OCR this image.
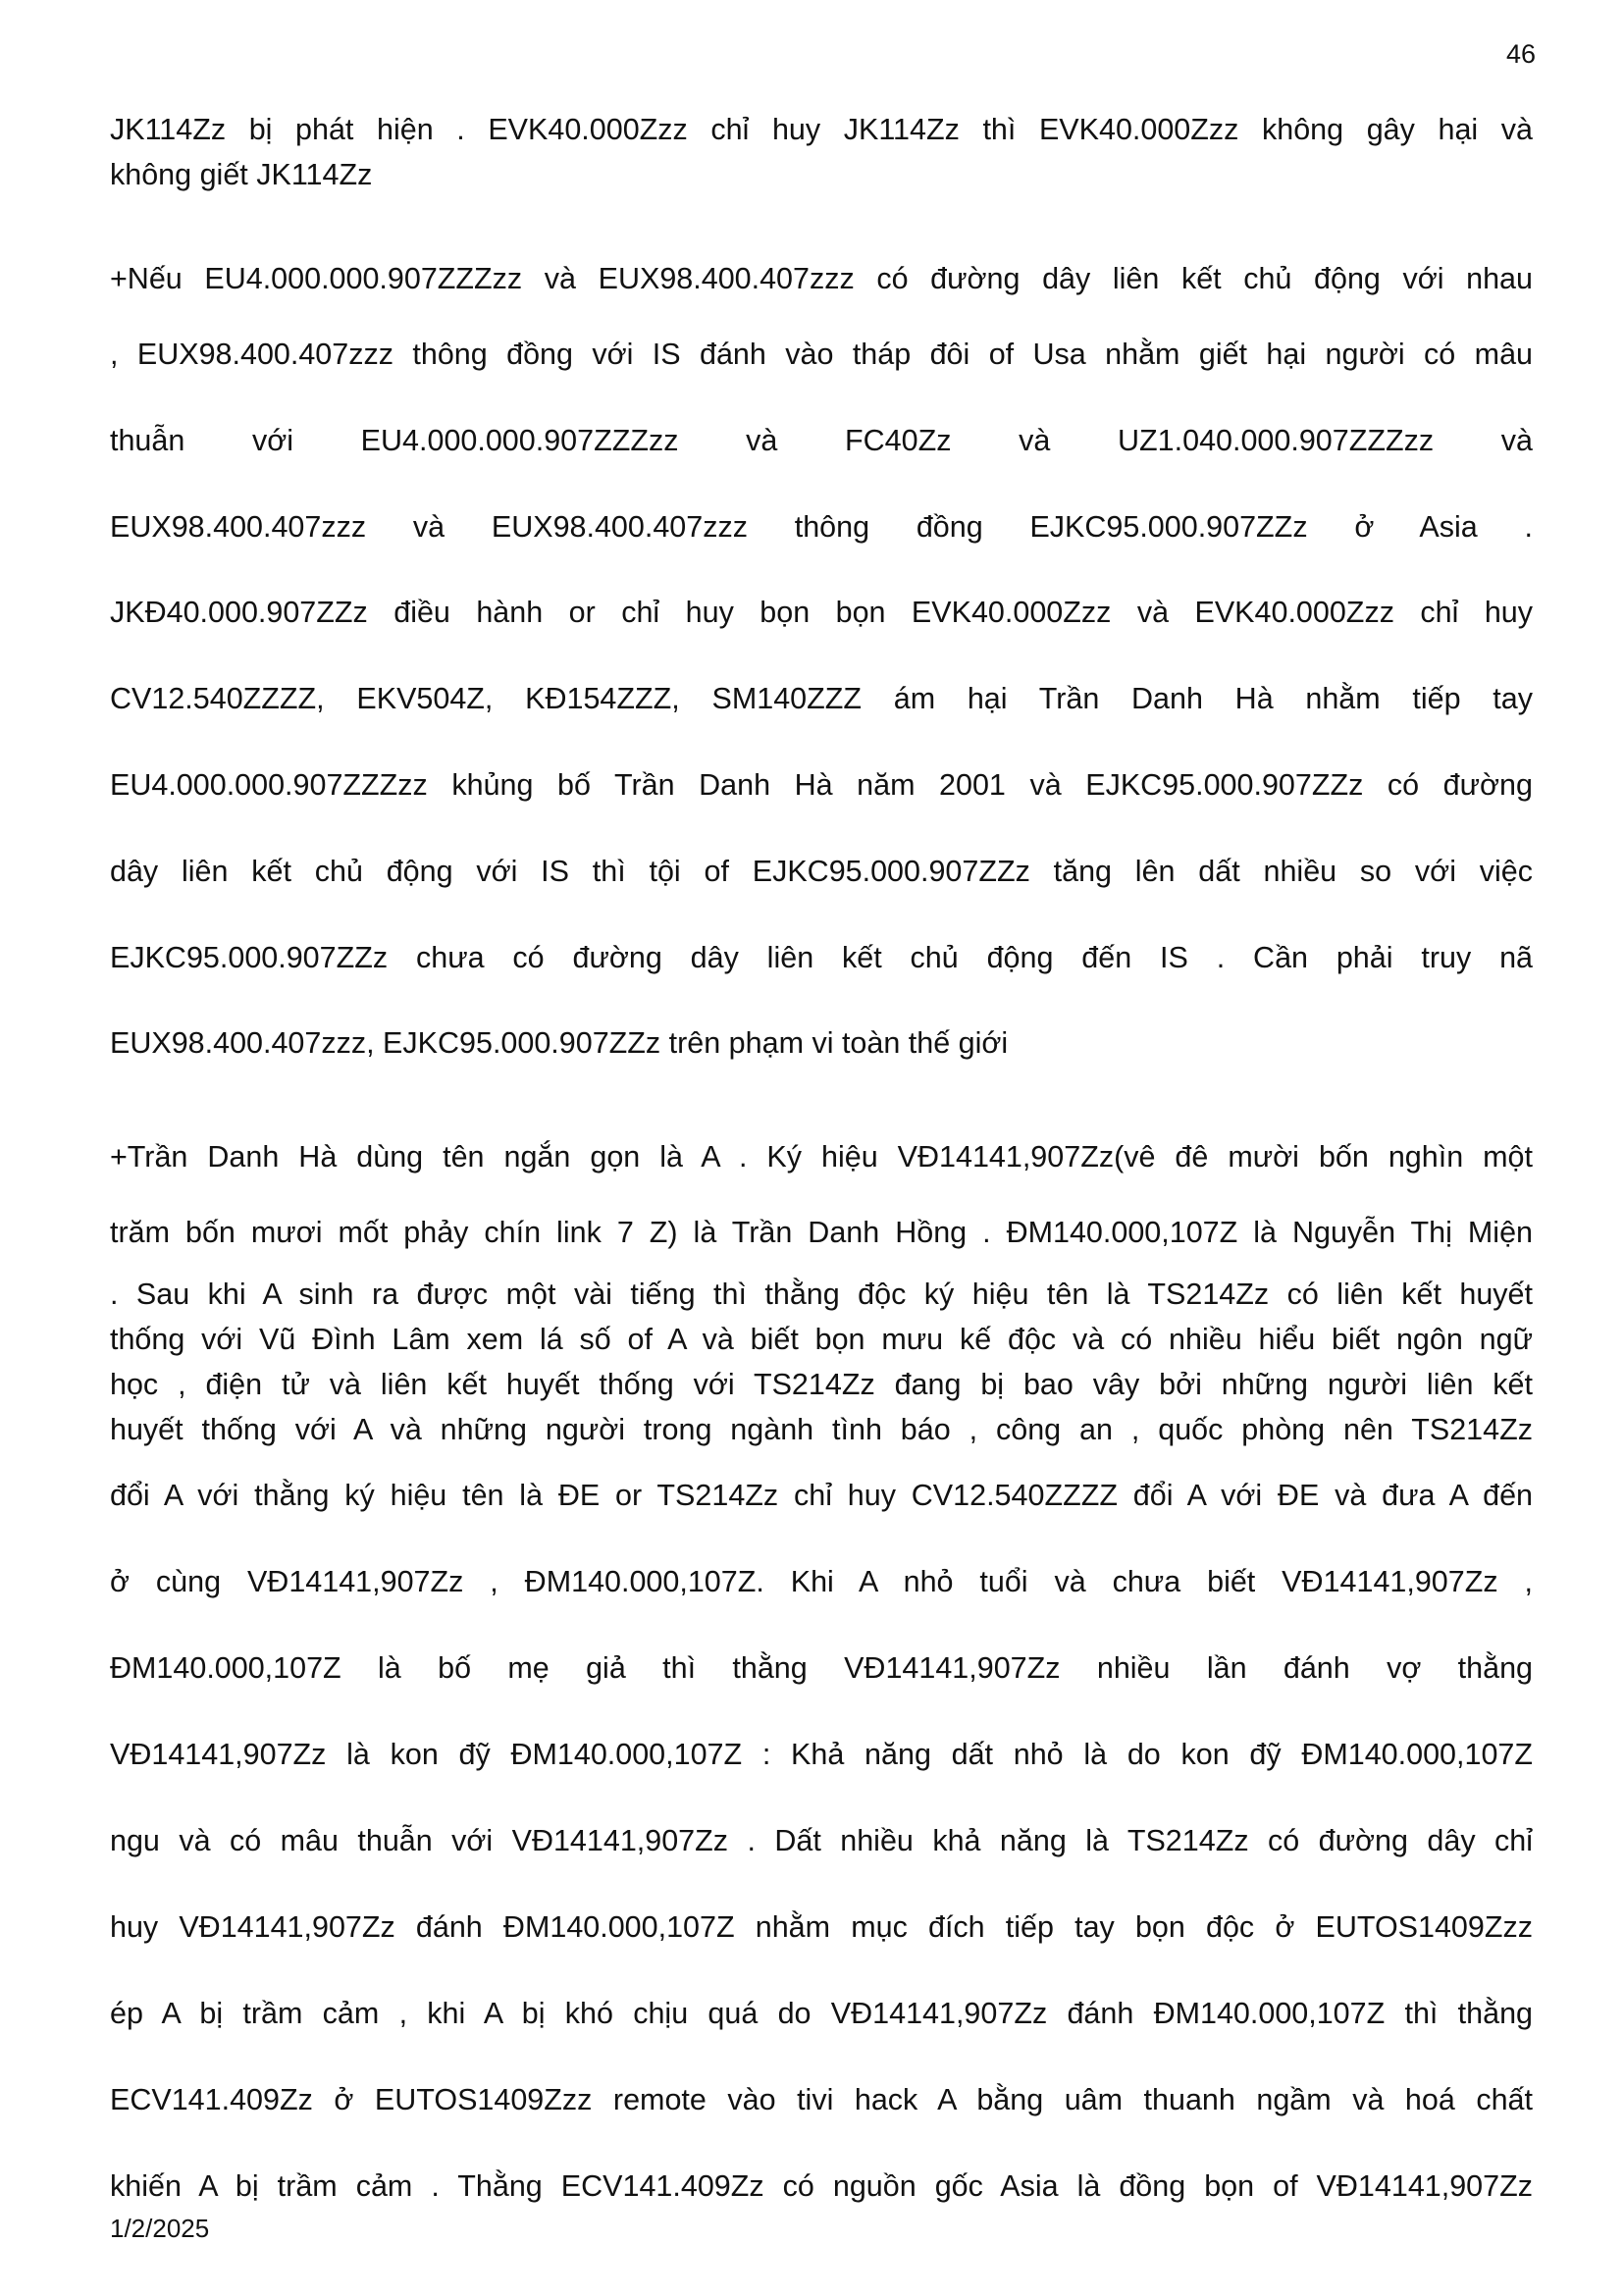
46

JK114Zz bị phát hiện . EVK40.000Zzz chỉ huy JK114Zz thì EVK40.000Zzz không gây hại và

không giết JK114Zz

+Nếu EU4.000.000.907ZZZzz và EUX98.400.407zzz có đường dây liên kết chủ động với nhau

, EUX98.400.407zzz thông đồng với IS đánh vào tháp đôi of Usa nhằm giết hại người có mâu

thuẫn với EU4.000.000.907ZZZzz và FC40Zz và UZ1.040.000.907ZZZzz và

EUX98.400.407zzz và EUX98.400.407zzz thông đồng EJKC95.000.907ZZz ở Asia .

JKĐ40.000.907ZZz điều hành or chỉ huy bọn bọn EVK40.000Zzz và EVK40.000Zzz chỉ huy

CV12.540ZZZZ, EKV504Z, KĐ154ZZZ, SM140ZZZ ám hại Trần Danh Hà nhằm tiếp tay

EU4.000.000.907ZZZzz khủng bố Trần Danh Hà năm 2001 và EJKC95.000.907ZZz có đường

dây liên kết chủ động với IS thì tội of EJKC95.000.907ZZz tăng lên dất nhiều so với việc

EJKC95.000.907ZZz chưa có đường dây liên kết chủ động đến IS . Cần phải truy nã

EUX98.400.407zzz, EJKC95.000.907ZZz trên phạm vi toàn thế giới

+Trần Danh Hà dùng tên ngắn gọn là A . Ký hiệu VĐ14141,907Zz(vê đê mười bốn nghìn một

trăm bốn mươi mốt phảy chín link 7 Z) là Trần Danh Hồng . ĐM140.000,107Z là Nguyễn Thị Miện

. Sau khi A sinh ra được một vài tiếng thì thằng độc ký hiệu tên là TS214Zz có liên kết huyết

thống với Vũ Đình Lâm xem lá số of A và biết bọn mưu kế độc và có nhiều hiểu biết ngôn ngữ

học , điện tử và liên kết huyết thống với TS214Zz đang bị bao vây bởi những người liên kết

huyết thống với A và những người trong ngành tình báo , công an , quốc phòng nên TS214Zz

đổi A với thằng ký hiệu tên là ĐE or TS214Zz chỉ huy CV12.540ZZZZ đổi A với ĐE và đưa A đến

ở cùng VĐ14141,907Zz , ĐM140.000,107Z. Khi A nhỏ tuổi và chưa biết VĐ14141,907Zz ,

ĐM140.000,107Z là bố mẹ giả thì thằng VĐ14141,907Zz nhiều lần đánh vợ thằng

VĐ14141,907Zz là kon đỹ ĐM140.000,107Z : Khả năng dất nhỏ là do kon đỹ ĐM140.000,107Z

ngu và có mâu thuẫn với VĐ14141,907Zz . Dất nhiều khả năng là TS214Zz có đường dây chỉ

huy VĐ14141,907Zz đánh ĐM140.000,107Z nhằm mục đích tiếp tay bọn độc ở EUTOS1409Zzz

ép A bị trầm cảm , khi A bị khó chịu quá do VĐ14141,907Zz đánh ĐM140.000,107Z thì thằng

ECV141.409Zz ở EUTOS1409Zzz remote vào tivi hack A bằng uâm thuanh ngầm và hoá chất

khiến A bị trầm cảm . Thằng ECV141.409Zz có nguồn gốc Asia là đồng bọn of VĐ14141,907Zz

1/2/2025
